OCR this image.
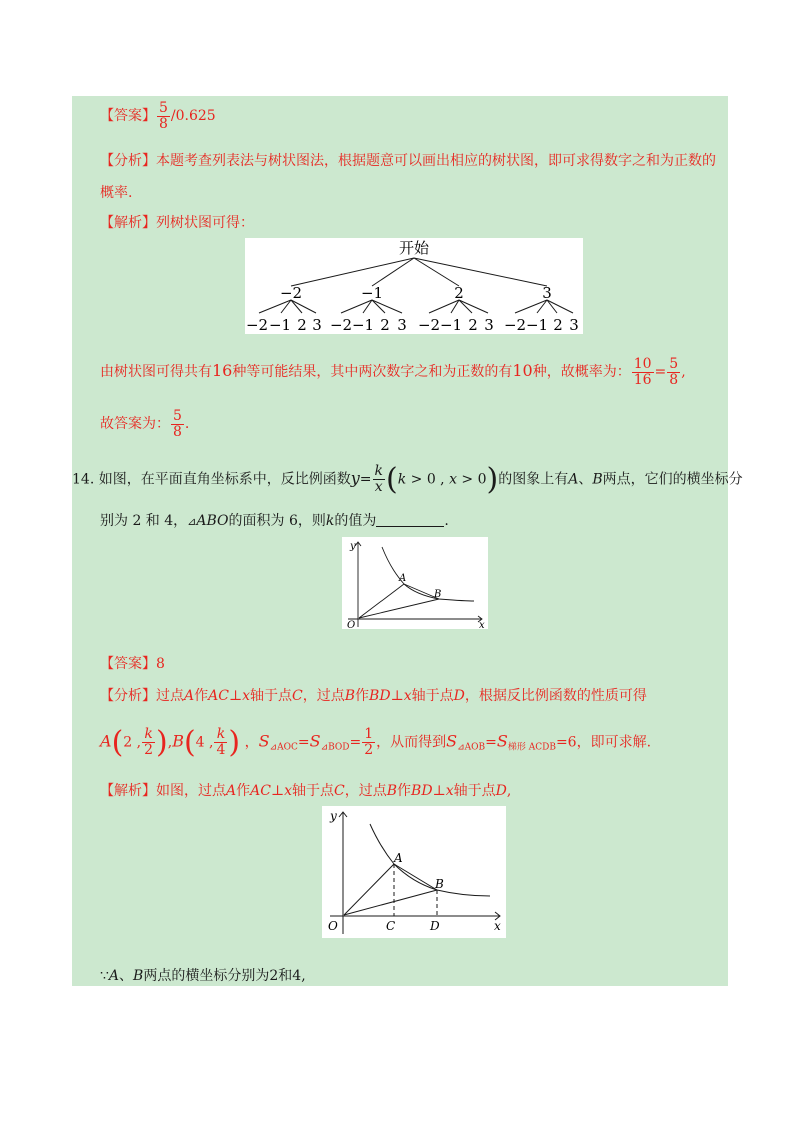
【答案】 $\frac{5}{8} /0.625$
【分析】本题考查列表法与树状图法，根据题意可以画出相应的树状图，即可求得数字之和为正数的
概率.
【解析】列树状图可得：
开始
−2	−1	2	3
−2 −1 2 3 −2 −1 2 3 −2 −1 2 3 −2 −1 2 3
由树状图可得共有16种等可能结果，其中两次数字之和为正数的有10种，故概率为： $\frac{10}{16} = \frac{5}{8}$ ,
故答案为： $\frac{5}{8}$ .
14. 如图，在平面直角坐标系中，反比例函数$y= \frac{k}{x} (k > 0$ , x > 0)的图象上有A、B两点，它们的横坐标分
别为 2 和 4，⊿ABO的面积为 6，则k的值为	.
y
x
O
A
B
【答案】8
【分析】过点A作AC⊥x轴于点C，过点B作BD⊥x轴于点D，根据反比例函数的性质可得
A(2 , $\frac{k}{2} ),B(4$ , $\frac{k}{4}$ ) ，$S_{⊿AOC}=S_{⊿BOD}= \frac{1}{2}$ ，从而得到$S_{⊿AOB}=S_{梯形 ACDB}=6$，即可求解.
【解析】如图，过点A作AC⊥x轴于点C，过点B作BD⊥x轴于点D,
y
x
O
A
B
C	D
∵A、B两点的横坐标分别为2和4,
